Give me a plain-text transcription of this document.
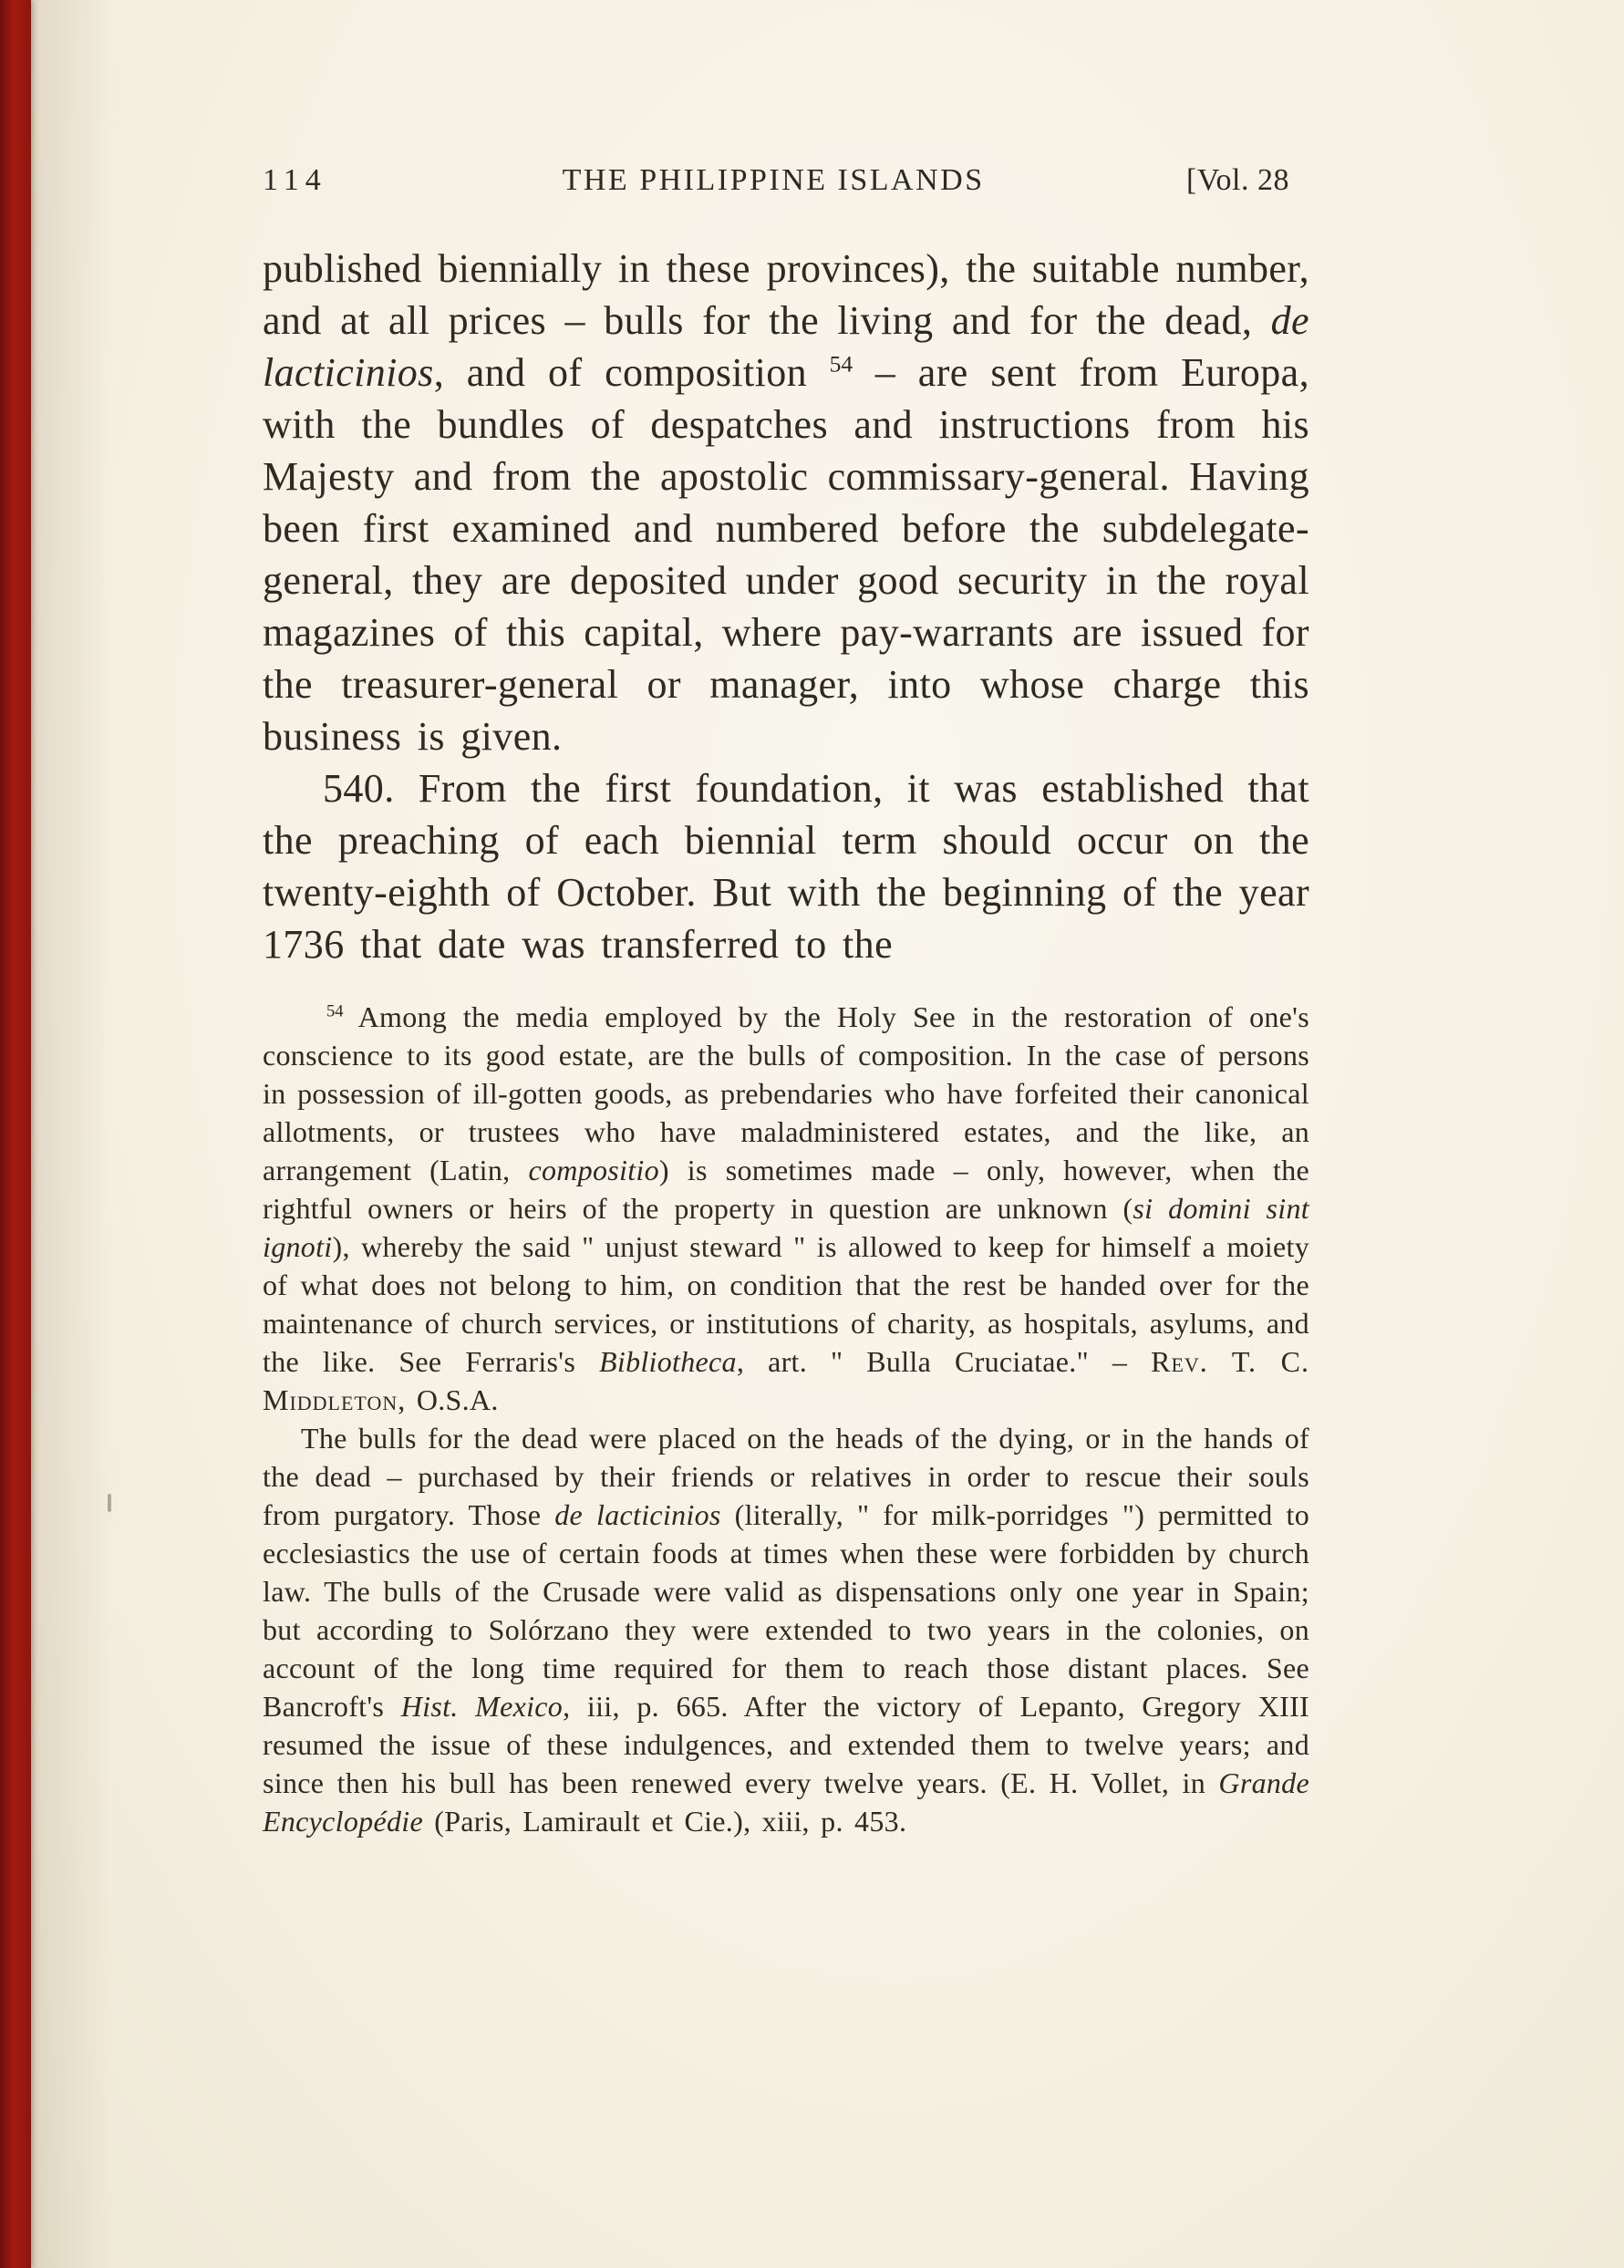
114	THE PHILIPPINE ISLANDS	[Vol. 28

published biennially in these provinces), the suitable number, and at all prices – bulls for the living and for the dead, de lacticinios, and of composition $^{54}$ – are sent from Europa, with the bundles of despatches and instructions from his Majesty and from the apostolic commissary-general. Having been first examined and numbered before the subdelegate-general, they are deposited under good security in the royal magazines of this capital, where pay-warrants are issued for the treasurer-general or manager, into whose charge this business is given.

540. From the first foundation, it was established that the preaching of each biennial term should occur on the twenty-eighth of October. But with the beginning of the year 1736 that date was transferred to the

$^{54}$ Among the media employed by the Holy See in the restoration of one's conscience to its good estate, are the bulls of composition. In the case of persons in possession of ill-gotten goods, as prebendaries who have forfeited their canonical allotments, or trustees who have maladministered estates, and the like, an arrangement (Latin, compositio) is sometimes made – only, however, when the rightful owners or heirs of the property in question are unknown (si domini sint ignoti), whereby the said " unjust steward " is allowed to keep for himself a moiety of what does not belong to him, on condition that the rest be handed over for the maintenance of church services, or institutions of charity, as hospitals, asylums, and the like. See Ferraris's Bibliotheca, art. " Bulla Cruciatae." – Rev. T. C. Middleton, O.S.A.

The bulls for the dead were placed on the heads of the dying, or in the hands of the dead – purchased by their friends or relatives in order to rescue their souls from purgatory. Those de lacticinios (literally, " for milk-porridges ") permitted to ecclesiastics the use of certain foods at times when these were forbidden by church law. The bulls of the Crusade were valid as dispensations only one year in Spain; but according to Solórzano they were extended to two years in the colonies, on account of the long time required for them to reach those distant places. See Bancroft's Hist. Mexico, iii, p. 665. After the victory of Lepanto, Gregory XIII resumed the issue of these indulgences, and extended them to twelve years; and since then his bull has been renewed every twelve years. (E. H. Vollet, in Grande Encyclopédie (Paris, Lamirault et Cie.), xiii, p. 453.
